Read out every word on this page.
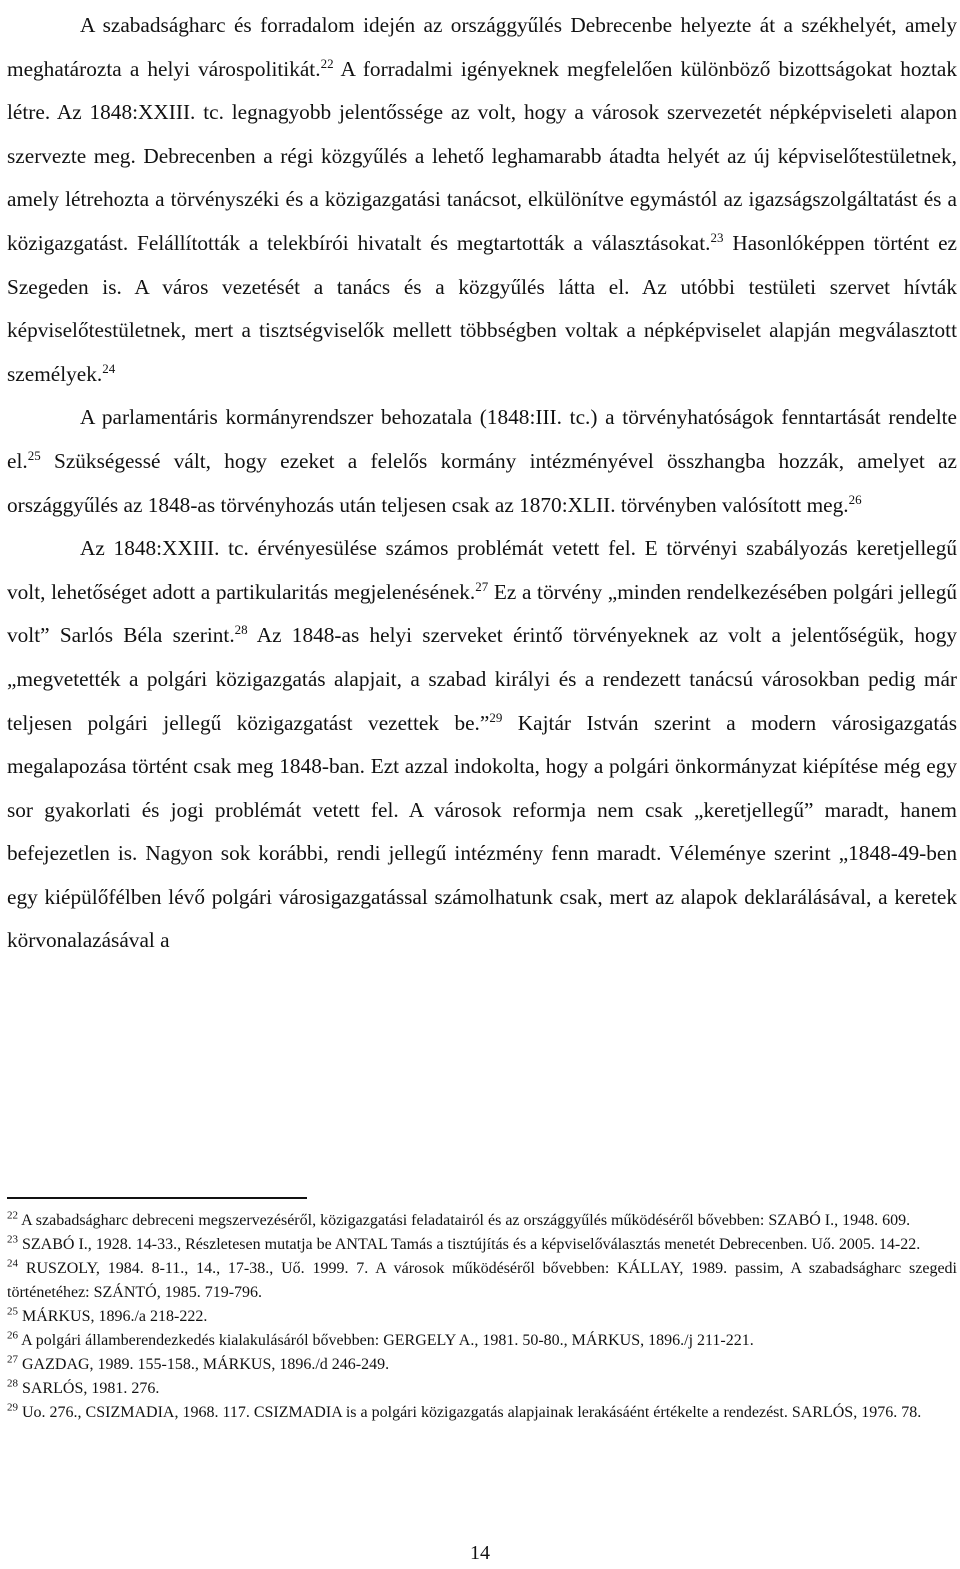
A szabadságharc és forradalom idején az országgyűlés Debrecenbe helyezte át a székhelyét, amely meghatározta a helyi várospolitikát.$^{22}$ A forradalmi igényeknek megfelelően különböző bizottságokat hoztak létre. Az 1848:XXIII. tc. legnagyobb jelentőssége az volt, hogy a városok szervezetét népképviseleti alapon szervezte meg. Debrecenben a régi közgyűlés a lehető leghamarabb átadta helyét az új képviselőtestületnek, amely létrehozta a törvényszéki és a közigazgatási tanácsot, elkülönítve egymástól az igazságszolgáltatást és a közigazgatást. Felállították a telekbírói hivatalt és megtartották a választásokat.$^{23}$ Hasonlóképpen történt ez Szegeden is. A város vezetését a tanács és a közgyűlés látta el. Az utóbbi testületi szervet hívták képviselőtestületnek, mert a tisztségviselők mellett többségben voltak a népképviselet alapján megválasztott személyek.$^{24}$

A parlamentáris kormányrendszer behozatala (1848:III. tc.) a törvényhatóságok fenntartását rendelte el.$^{25}$ Szükségessé vált, hogy ezeket a felelős kormány intézményével összhangba hozzák, amelyet az országgyűlés az 1848-as törvényhozás után teljesen csak az 1870:XLII. törvényben valósított meg.$^{26}$

Az 1848:XXIII. tc. érvényesülése számos problémát vetett fel. E törvényi szabályozás keretjellegű volt, lehetőséget adott a partikularitás megjelenésének.$^{27}$ Ez a törvény „minden rendelkezésében polgári jellegű volt” Sarlós Béla szerint.$^{28}$ Az 1848-as helyi szerveket érintő törvényeknek az volt a jelentőségük, hogy „megvetették a polgári közigazgatás alapjait, a szabad királyi és a rendezett tanácsú városokban pedig már teljesen polgári jellegű közigazgatást vezettek be.”$^{29}$ Kajtár István szerint a modern városigazgatás megalapozása történt csak meg 1848-ban. Ezt azzal indokolta, hogy a polgári önkormányzat kiépítése még egy sor gyakorlati és jogi problémát vetett fel. A városok reformja nem csak „keretjellegű” maradt, hanem befejezetlen is. Nagyon sok korábbi, rendi jellegű intézmény fenn maradt. Véleménye szerint „1848-49-ben egy kiépülőfélben lévő polgári városigazgatással számolhatunk csak, mert az alapok deklarálásával, a keretek körvonalazásával a

$^{22}$ A szabadságharc debreceni megszervezéséről, közigazgatási feladatairól és az országgyűlés működéséről bővebben: SZABÓ I., 1948. 609.

$^{23}$ SZABÓ I., 1928. 14-33., Részletesen mutatja be ANTAL Tamás a tisztújítás és a képviselőválasztás menetét Debrecenben. Uő. 2005. 14-22.

$^{24}$ RUSZOLY, 1984. 8-11., 14., 17-38., Uő. 1999. 7. A városok működéséről bővebben: KÁLLAY, 1989. passim, A szabadságharc szegedi történetéhez: SZÁNTÓ, 1985. 719-796.

$^{25}$ MÁRKUS, 1896./a 218-222.

$^{26}$ A polgári államberendezkedés kialakulásáról bővebben: GERGELY A., 1981. 50-80., MÁRKUS, 1896./j 211-221.

$^{27}$ GAZDAG, 1989. 155-158., MÁRKUS, 1896./d 246-249.

$^{28}$ SARLÓS, 1981. 276.

$^{29}$ Uo. 276., CSIZMADIA, 1968. 117. CSIZMADIA is a polgári közigazgatás alapjainak lerakásáént értékelte a rendezést. SARLÓS, 1976. 78.

14
